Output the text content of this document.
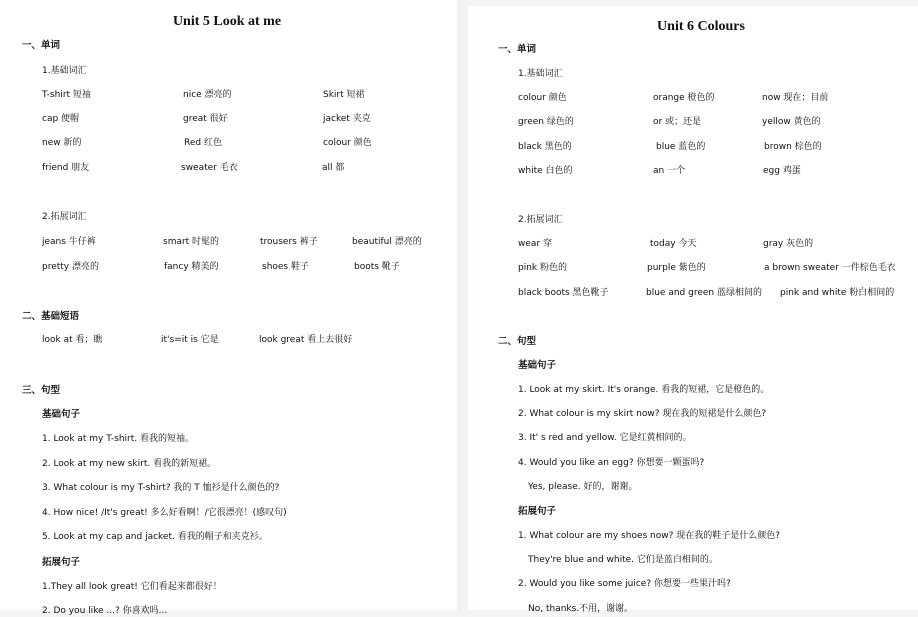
Unit 5 Look at me
一、单词
1.基础词汇
T-shirt 短袖	nice 漂亮的	Skirt 短裙
cap 便帽	great 很好	jacket 夹克
new 新的	Red 红色	colour 颜色
friend 朋友	sweater 毛衣	all 都
2.拓展词汇
jeans 牛仔裤	smart 时髦的	trousers 裤子	beautiful 漂亮的
pretty 漂亮的	fancy 精美的	shoes 鞋子	boots 靴子
二、基础短语
look at 看；瞧	it's=it is 它是	look great 看上去很好
三、句型
基础句子
1. Look at my T-shirt. 看我的短袖。
2. Look at my new skirt. 看我的新短裙。
3. What colour is my T-shirt? 我的 T 恤衫是什么颜色的?
4. How nice! /It's great! 多么好看啊！/它很漂亮！(感叹句)
5. Look at my cap and jacket. 看我的帽子和夹克衫。
拓展句子
1.They all look great! 它们看起来都很好！
2. Do you like ...? 你喜欢吗...
Unit 6 Colours
一、单词
1.基础词汇
colour 颜色	orange 橙色的	now 现在；目前
green 绿色的	or 或；还是	yellow 黄色的
black 黑色的	blue 蓝色的	brown 棕色的
white 白色的	an 一个	egg 鸡蛋
2.拓展词汇
wear 穿	today 今天	gray 灰色的
pink 粉色的	purple 紫色的	a brown sweater 一件棕色毛衣
black boots 黑色靴子	blue and green 蓝绿相间的 pink and white 粉白相间的
二、句型
基础句子
1. Look at my skirt. It's orange. 看我的短裙，它是橙色的。
2. What colour is my skirt now? 现在我的短裙是什么颜色?
3. It' s red and yellow. 它是红黄相间的。
4. Would you like an egg? 你想要一颗蛋吗?
Yes, please. 好的，谢谢。
拓展句子
1. What colour are my shoes now? 现在我的鞋子是什么颜色?
They're blue and white. 它们是蓝白相间的。
2. Would you like some juice? 你想要一些果汁吗?
No, thanks.不用，谢谢。
